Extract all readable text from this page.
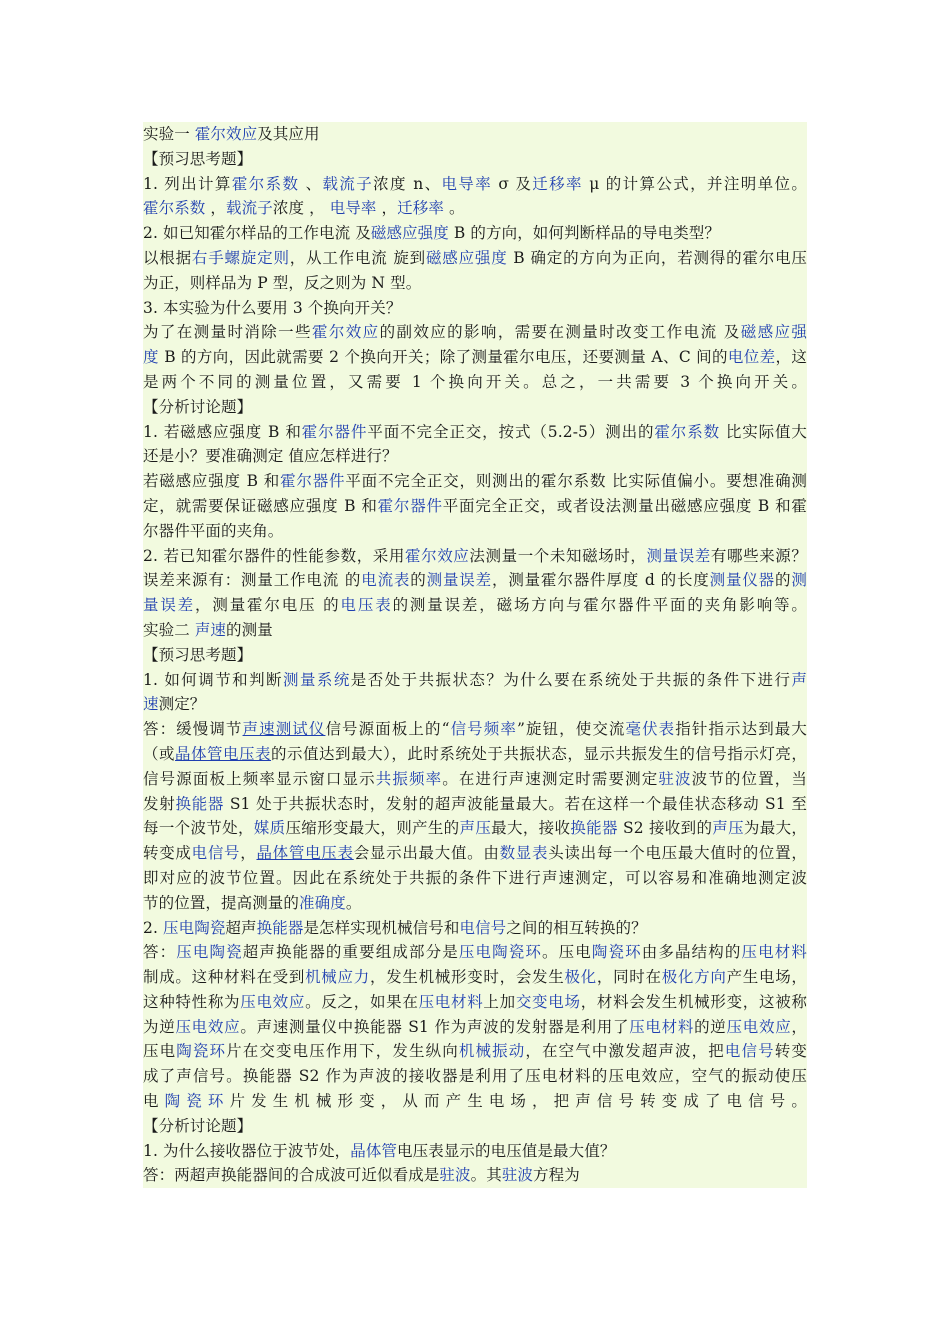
实验一 霍尔效应及其应用
【预习思考题】
1. 列出计算霍尔系数 、载流子浓度 n、电导率 σ 及迁移率 μ 的计算公式，并注明单位。
霍尔系数 ，载流子浓度 ， 电导率 ，迁移率 。
2. 如已知霍尔样品的工作电流 及磁感应强度 B 的方向，如何判断样品的导电类型？
以根据右手螺旋定则，从工作电流 旋到磁感应强度 B 确定的方向为正向，若测得的霍尔电压
为正，则样品为 P 型，反之则为 N 型。
3. 本实验为什么要用 3 个换向开关？
为了在测量时消除一些霍尔效应的副效应的影响，需要在测量时改变工作电流 及磁感应强
度 B 的方向，因此就需要 2 个换向开关；除了测量霍尔电压，还要测量 A、C 间的电位差，这
是两个不同的测量位置，又需要 1 个换向开关。总之，一共需要 3 个换向开关。
【分析讨论题】
1. 若磁感应强度 B 和霍尔器件平面不完全正交，按式（5.2-5）测出的霍尔系数 比实际值大
还是小？要准确测定 值应怎样进行？
若磁感应强度 B 和霍尔器件平面不完全正交，则测出的霍尔系数 比实际值偏小。要想准确测
定，就需要保证磁感应强度 B 和霍尔器件平面完全正交，或者设法测量出磁感应强度 B 和霍
尔器件平面的夹角。
2. 若已知霍尔器件的性能参数，采用霍尔效应法测量一个未知磁场时，测量误差有哪些来源？
误差来源有：测量工作电流 的电流表的测量误差，测量霍尔器件厚度 d 的长度测量仪器的测
量误差，测量霍尔电压 的电压表的测量误差，磁场方向与霍尔器件平面的夹角影响等。
实验二 声速的测量
【预习思考题】
1. 如何调节和判断测量系统是否处于共振状态？为什么要在系统处于共振的条件下进行声
速测定？
答：缓慢调节声速测试仪信号源面板上的“信号频率”旋钮，使交流毫伏表指针指示达到最大
（或晶体管电压表的示值达到最大），此时系统处于共振状态，显示共振发生的信号指示灯亮，
信号源面板上频率显示窗口显示共振频率。在进行声速测定时需要测定驻波波节的位置，当
发射换能器 S1 处于共振状态时，发射的超声波能量最大。若在这样一个最佳状态移动 S1 至
每一个波节处，媒质压缩形变最大，则产生的声压最大，接收换能器 S2 接收到的声压为最大，
转变成电信号，晶体管电压表会显示出最大值。由数显表头读出每一个电压最大值时的位置，
即对应的波节位置。因此在系统处于共振的条件下进行声速测定，可以容易和准确地测定波
节的位置，提高测量的准确度。
2. 压电陶瓷超声换能器是怎样实现机械信号和电信号之间的相互转换的？
答：压电陶瓷超声换能器的重要组成部分是压电陶瓷环。压电陶瓷环由多晶结构的压电材料
制成。这种材料在受到机械应力，发生机械形变时，会发生极化，同时在极化方向产生电场，
这种特性称为压电效应。反之，如果在压电材料上加交变电场，材料会发生机械形变，这被称
为逆压电效应。声速测量仪中换能器 S1 作为声波的发射器是利用了压电材料的逆压电效应，
压电陶瓷环片在交变电压作用下，发生纵向机械振动，在空气中激发超声波，把电信号转变
成了声信号。换能器 S2 作为声波的接收器是利用了压电材料的压电效应，空气的振动使压
电陶瓷环片发生机械形变，从而产生电场，把声信号转变成了电信号。
【分析讨论题】
1. 为什么接收器位于波节处，晶体管电压表显示的电压值是最大值？
答：两超声换能器间的合成波可近似看成是驻波。其驻波方程为
